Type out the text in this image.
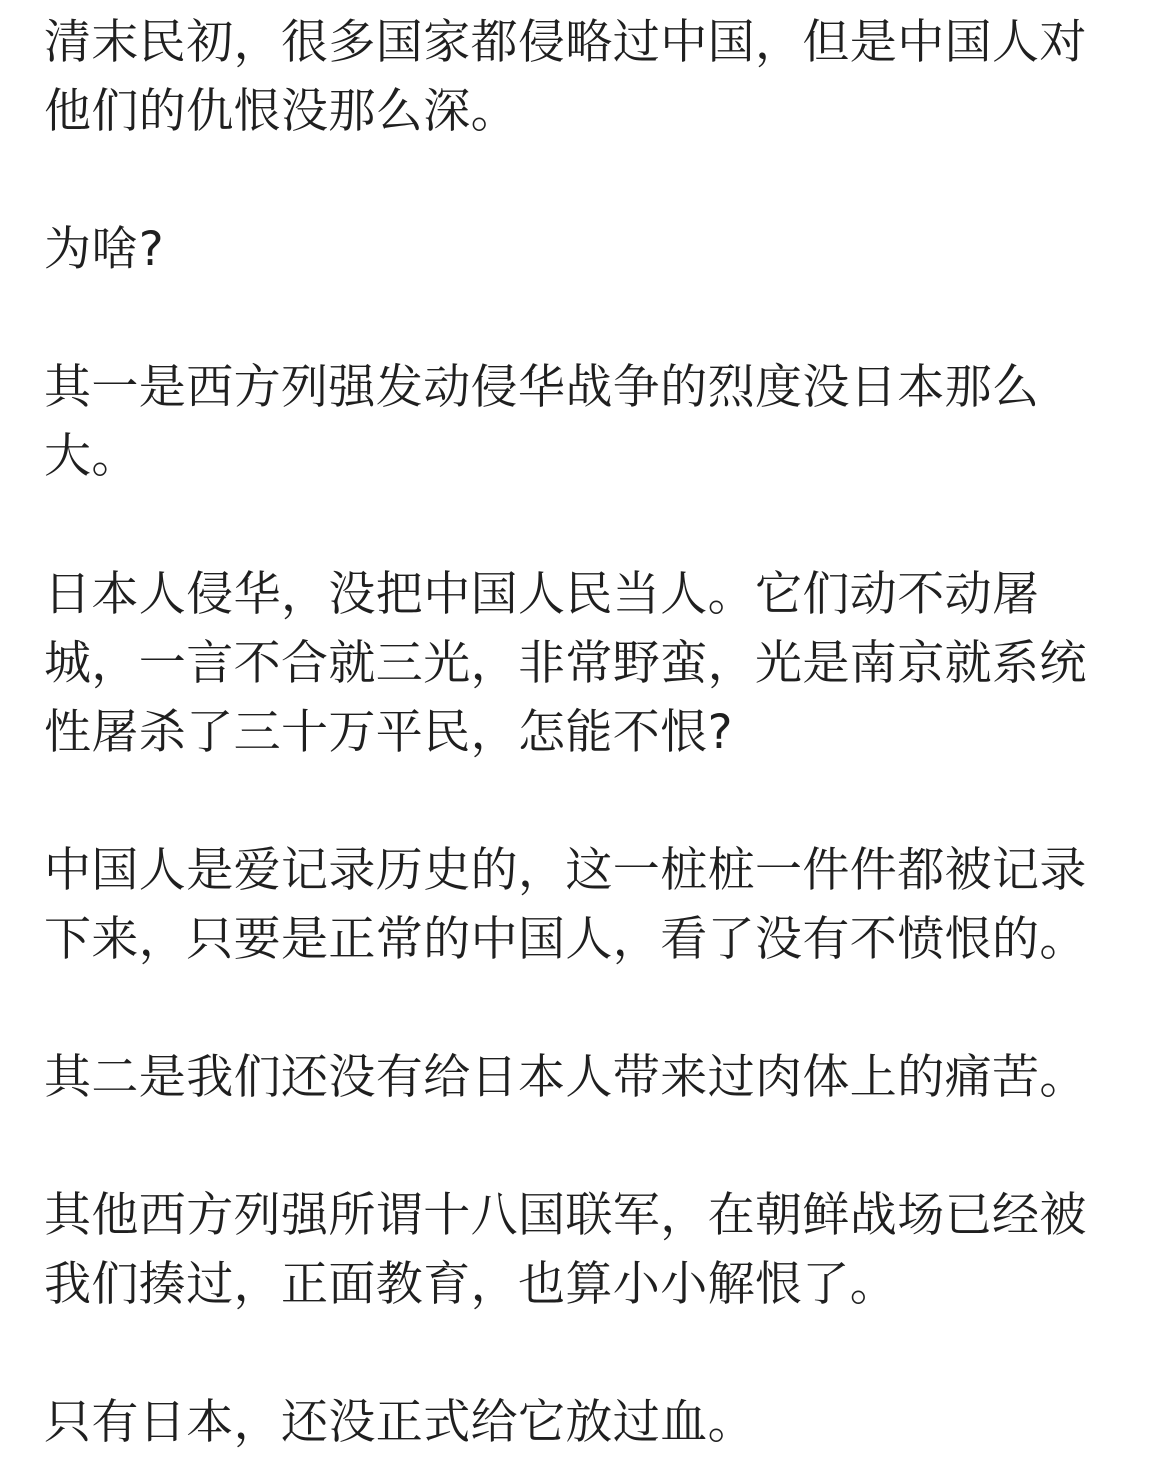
清末民初，很多国家都侵略过中国，但是中国人对
他们的仇恨没那么深。

为啥?

其一是西方列强发动侵华战争的烈度没日本那么
大。

日本人侵华，没把中国人民当人。它们动不动屠
城，一言不合就三光，非常野蛮，光是南京就系统
性屠杀了三十万平民，怎能不恨?

中国人是爱记录历史的，这一桩桩一件件都被记录
下来，只要是正常的中国人，看了没有不愤恨的。

其二是我们还没有给日本人带来过肉体上的痛苦。

其他西方列强所谓十八国联军，在朝鲜战场已经被
我们揍过，正面教育，也算小小解恨了。

只有日本，还没正式给它放过血。
